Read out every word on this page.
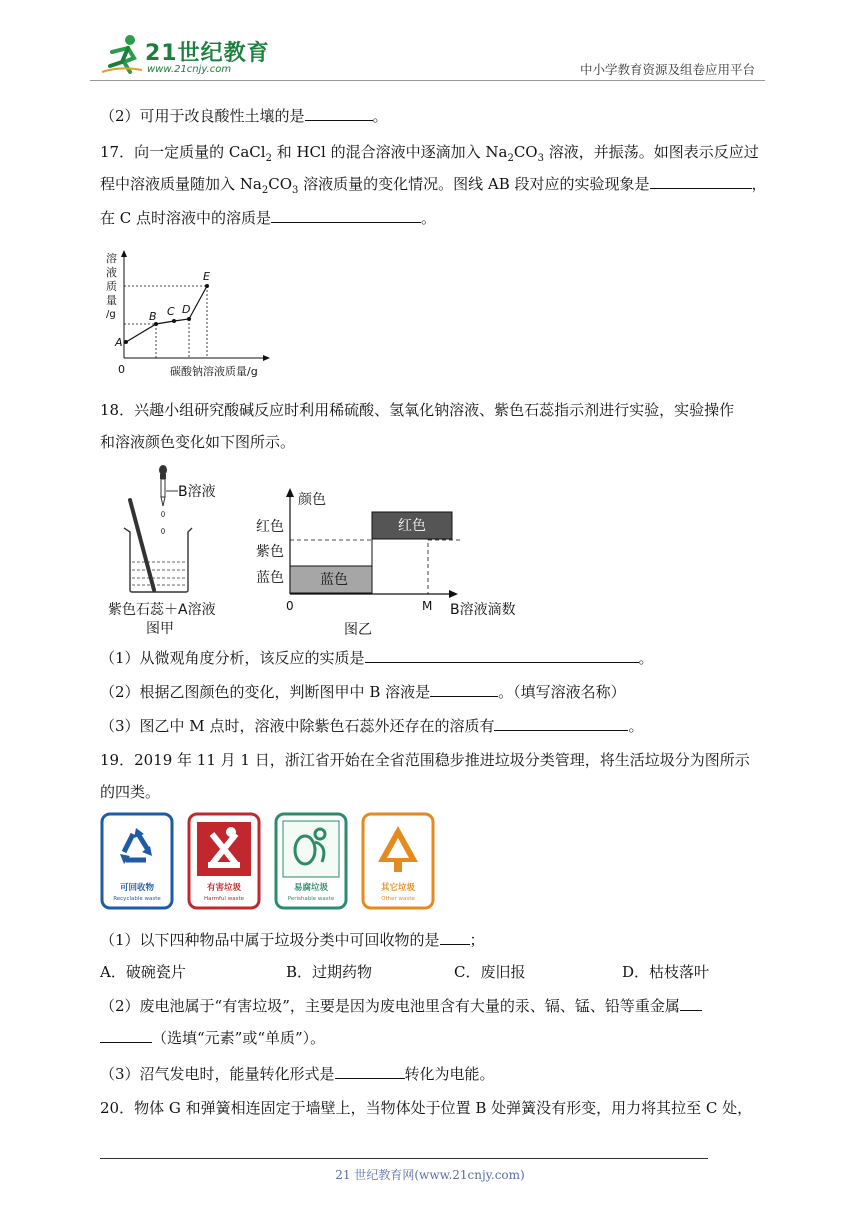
21世纪教育
www.21cnjy.com	中小学教育资源及组卷应用平台
（2）可用于改良酸性土壤的是	。
17．向一定质量的 CaCl$_2$ 和 HCl 的混合溶液中逐滴加入 $Na_2CO_3$ 溶液，并振荡。如图表示反应过
程中溶液质量随加入 $Na_2CO_3$ 溶液质量的变化情况。图线 AB 段对应的实验现象是	，
在 C 点时溶液中的溶质是	。
溶
液
质
量
/g
A
B C D
E
0	碳酸钠溶液质量/g
18．兴趣小组研究酸碱反应时利用稀硫酸、氢氧化钠溶液、紫色石蕊指示剂进行实验，实验操作
和溶液颜色变化如下图所示。
B溶液
紫色石蕊＋A溶液
图甲
颜色
红色
紫色
蓝色	蓝色
红色
0	M B溶液滴数
图乙
（1）从微观角度分析，该反应的实质是	。
（2）根据乙图颜色的变化，判断图甲中 B 溶液是	。（填写溶液名称）
（3）图乙中 M 点时，溶液中除紫色石蕊外还存在的溶质有	。
19．2019 年 11 月 1 日，浙江省开始在全省范围稳步推进垃圾分类管理，将生活垃圾分为图所示
的四类。
可回收物
Recyclable waste
有害垃圾
Harmful waste
易腐垃圾
Perishable waste
其它垃圾
Other waste
（1）以下四种物品中属于垃圾分类中可回收物的是 ；
A．破碗瓷片	B．过期药物	C．废旧报	D．枯枝落叶
（2）废电池属于“有害垃圾”，主要是因为废电池里含有大量的汞、镉、锰、铅等重金属
（选填“元素”或“单质”）。
（3）沼气发电时，能量转化形式是	转化为电能。
20．物体 G 和弹簧相连固定于墙壁上，当物体处于位置 B 处弹簧没有形变，用力将其拉至 C 处，
21 世纪教育网(www.21cnjy.com)
